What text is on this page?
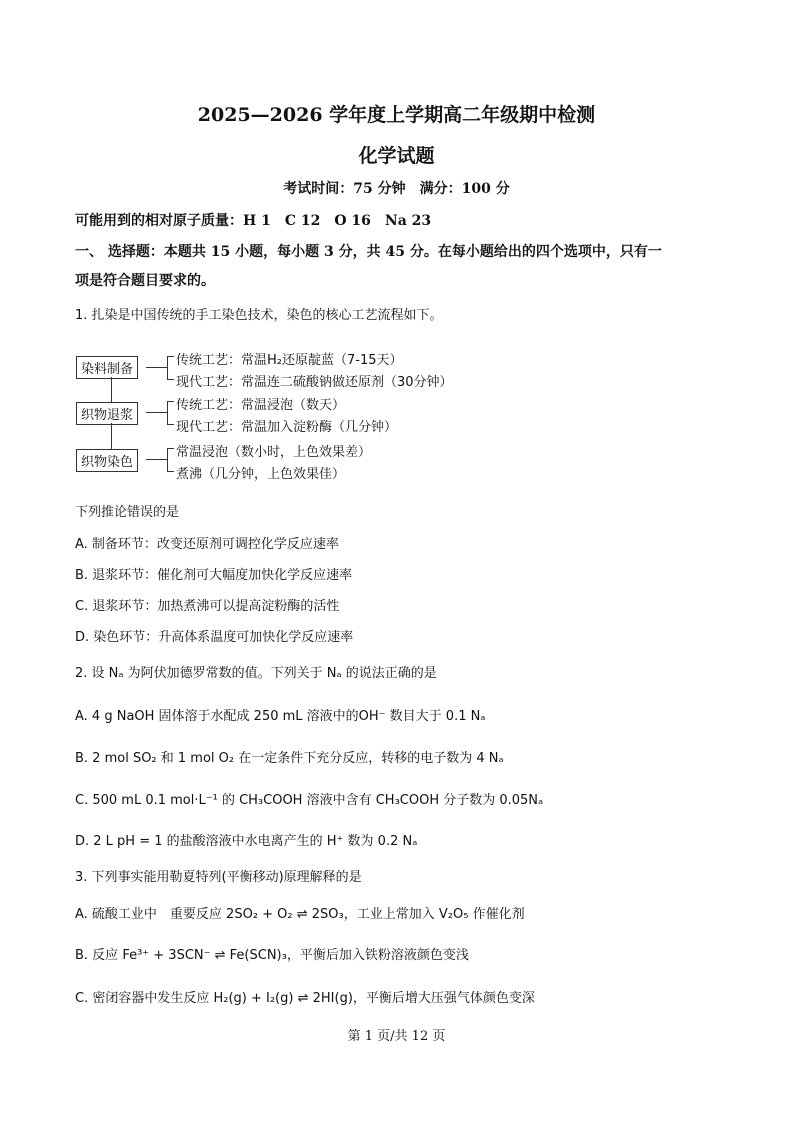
2025—2026 学年度上学期高二年级期中检测
化学试题
考试时间：75 分钟　满分：100 分
可能用到的相对原子质量：H 1　C 12　O 16　Na 23
一、 选择题：本题共 15 小题，每小题 3 分，共 45 分。在每小题给出的四个选项中，只有一
项是符合题目要求的。
1. 扎染是中国传统的手工染色技术，染色的核心工艺流程如下。
染料制备
传统工艺：常温H₂还原靛蓝（7-15天）
现代工艺：常温连二硫酸钠做还原剂（30分钟）
织物退浆
传统工艺：常温浸泡（数天）
现代工艺：常温加入淀粉酶（几分钟）
织物染色
常温浸泡（数小时，上色效果差）
煮沸（几分钟，上色效果佳）
下列推论错误的是
A. 制备环节：改变还原剂可调控化学反应速率
B. 退浆环节：催化剂可大幅度加快化学反应速率
C. 退浆环节：加热煮沸可以提高淀粉酶的活性
D. 染色环节：升高体系温度可加快化学反应速率
2. 设 Nₐ 为阿伏加德罗常数的值。下列关于 Nₐ 的说法正确的是
A. 4 g NaOH 固体溶于水配成 250 mL 溶液中的OH⁻ 数目大于 0.1 Nₐ
B. 2 mol SO₂ 和 1 mol O₂ 在一定条件下充分反应，转移的电子数为 4 Nₐ
C. 500 mL 0.1 mol·L⁻¹ 的 CH₃COOH 溶液中含有 CH₃COOH 分子数为 0.05Nₐ
D. 2 L pH = 1 的盐酸溶液中水电离产生的 H⁺ 数为 0.2 Nₐ
3. 下列事实能用勒夏特列(平衡移动)原理解释的是
A. 硫酸工业中　重要反应 2SO₂ + O₂ ⇌ 2SO₃，工业上常加入 V₂O₅ 作催化剂
B. 反应 Fe³⁺ + 3SCN⁻ ⇌ Fe(SCN)₃，平衡后加入铁粉溶液颜色变浅
C. 密闭容器中发生反应 H₂(g) + I₂(g) ⇌ 2HI(g)，平衡后增大压强气体颜色变深
第 1 页/共 12 页
